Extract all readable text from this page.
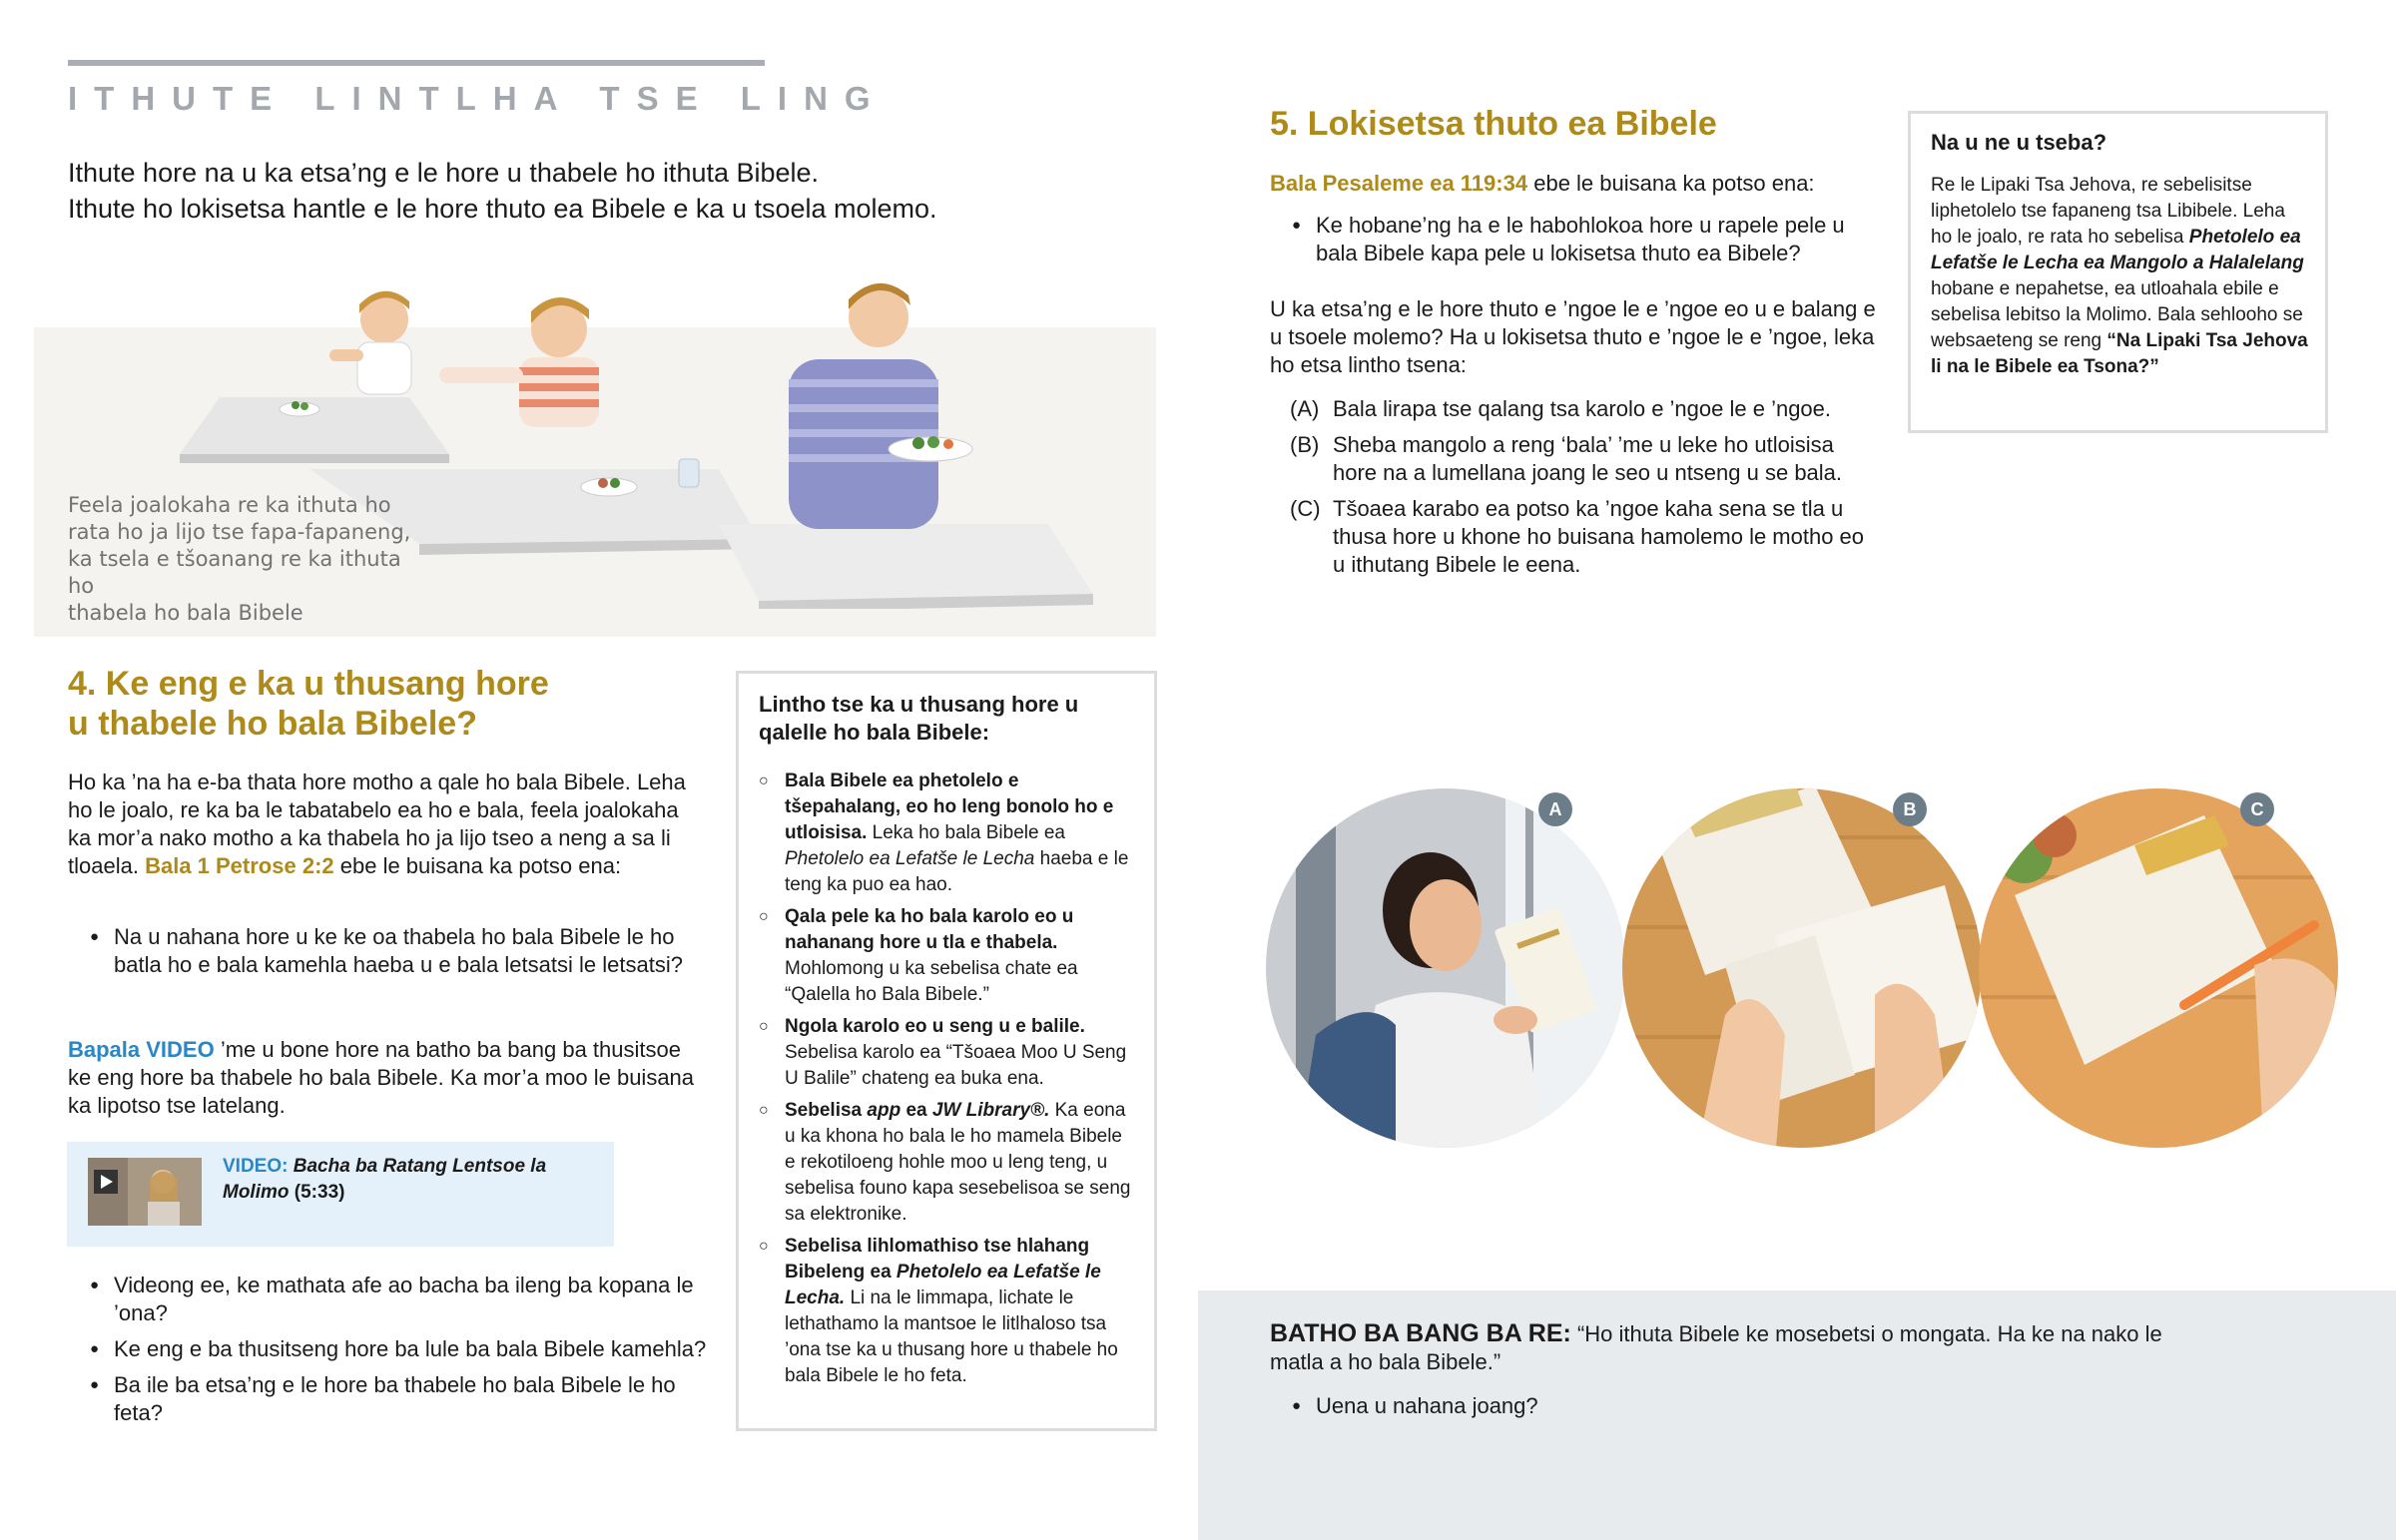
ITHUTE LINTLHA TSE LING
Ithute hore na u ka etsa’ng e le hore u thabele ho ithuta Bibele.
Ithute ho lokisetsa hantle e le hore thuto ea Bibele e ka u tsoela molemo.
Feela joalokaha re ka ithuta ho
rata ho ja lijo tse fapa-fapaneng,
ka tsela e tšoanang re ka ithuta ho
thabela ho bala Bibele
4. Ke eng e ka u thusang hore
u thabele ho bala Bibele?
Ho ka ’na ha e-ba thata hore motho a qale ho bala Bibele. Leha ho le joalo, re ka ba le tabatabelo ea ho e bala, feela joalokaha ka mor’a nako motho a ka thabela ho ja lijo tseo a neng a sa li tloaela. Bala 1 Petrose 2:2 ebe le buisana ka potso ena:
● Na u nahana hore u ke ke oa thabela ho bala Bibele le ho batla ho e bala kamehla haeba u e bala letsatsi le letsatsi?
Bapala VIDEO ’me u bone hore na batho ba bang ba thusitsoe ke eng hore ba thabele ho bala Bibele. Ka mor’a moo le buisana ka lipotso tse latelang.
VIDEO: Bacha ba Ratang Lentsoe la Molimo (5:33)
● Videong ee, ke mathata afe ao bacha ba ileng ba kopana le ’ona?
● Ke eng e ba thusitseng hore ba lule ba bala Bibele kamehla?
● Ba ile ba etsa’ng e le hore ba thabele ho bala Bibele le ho feta?
Lintho tse ka u thusang hore u qalelle ho bala Bibele:
○ Bala Bibele ea phetolelo e tšepahalang, eo ho leng bonolo ho e utloisisa. Leka ho bala Bibele ea Phetolelo ea Lefatše le Lecha haeba e le teng ka puo ea hao.
○ Qala pele ka ho bala karolo eo u nahanang hore u tla e thabela. Mohlomong u ka sebelisa chate ea “Qalella ho Bala Bibele.”
○ Ngola karolo eo u seng u e balile. Sebelisa karolo ea “Tšoaea Moo U Seng U Balile” chateng ea buka ena.
○ Sebelisa app ea JW Library®. Ka eona u ka khona ho bala le ho mamela Bibele e rekotiloeng hohle moo u leng teng, u sebelisa founo kapa sesebelisoa se seng sa elektronike.
○ Sebelisa lihlomathiso tse hlahang Bibeleng ea Phetolelo ea Lefatše le Lecha. Li na le limmapa, lichate le lethathamo la mantsoe le litlhaloso tsa ’ona tse ka u thusang hore u thabele ho bala Bibele le ho feta.
5. Lokisetsa thuto ea Bibele
Bala Pesaleme ea 119:34 ebe le buisana ka potso ena:
● Ke hobane’ng ha e le habohlokoa hore u rapele pele u bala Bibele kapa pele u lokisetsa thuto ea Bibele?
U ka etsa’ng e le hore thuto e ’ngoe le e ’ngoe eo u e balang e u tsoele molemo? Ha u lokisetsa thuto e ’ngoe le e ’ngoe, leka ho etsa lintho tsena:
(A) Bala lirapa tse qalang tsa karolo e ’ngoe le e ’ngoe.
(B) Sheba mangolo a reng ‘bala’ ’me u leke ho utloisisa hore na a lumellana joang le seo u ntseng u se bala.
(C) Tšoaea karabo ea potso ka ’ngoe kaha sena se tla u thusa hore u khone ho buisana hamolemo le motho eo u ithutang Bibele le eena.
Na u ne u tseba?
Re le Lipaki Tsa Jehova, re sebelisitse liphetolelo tse fapaneng tsa Libibele. Leha ho le joalo, re rata ho sebelisa Phetolelo ea Lefatše le Lecha ea Mangolo a Halalelang hobane e nepahetse, ea utloahala ebile e sebelisa lebitso la Molimo. Bala sehlooho se websaeteng se reng “Na Lipaki Tsa Jehova li na le Bibele ea Tsona?”
A	B	C
BATHO BA BANG BA RE: “Ho ithuta Bibele ke mosebetsi o mongata. Ha ke na nako le matla a ho bala Bibele.”
● Uena u nahana joang?
